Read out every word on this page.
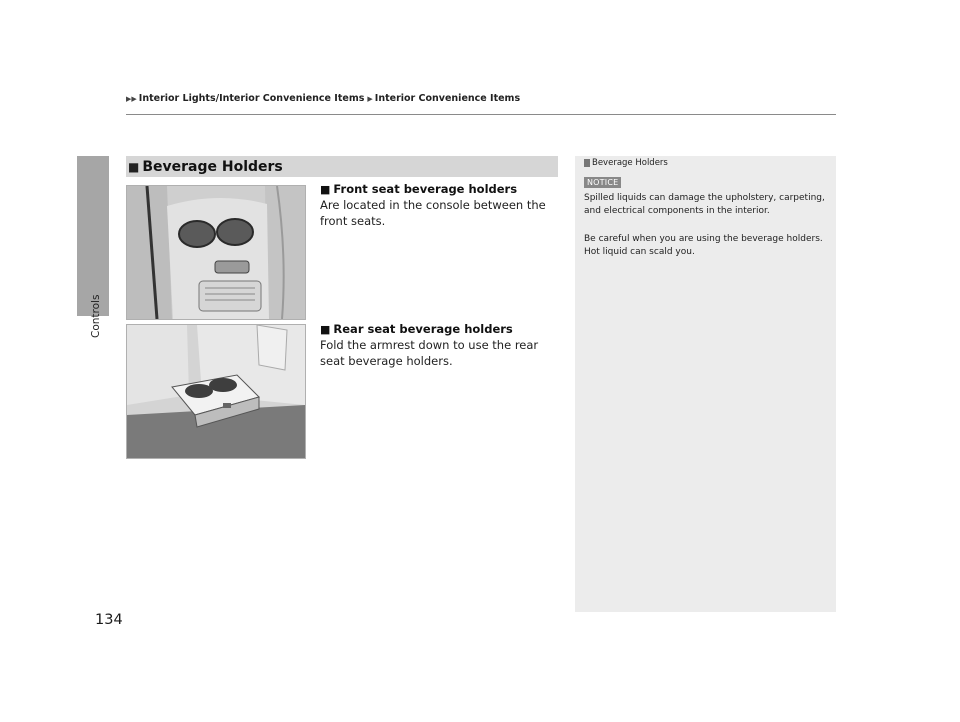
▶▶ Interior Lights/Interior Convenience Items ▶ Interior Convenience Items
Controls
■ Beverage Holders
■ Front seat beverage holders
Are located in the console between the front seats.
■ Rear seat beverage holders
Fold the armrest down to use the rear seat beverage holders.
Beverage Holders
NOTICE
Spilled liquids can damage the upholstery, carpeting, and electrical components in the interior.
Be careful when you are using the beverage holders. Hot liquid can scald you.
134
